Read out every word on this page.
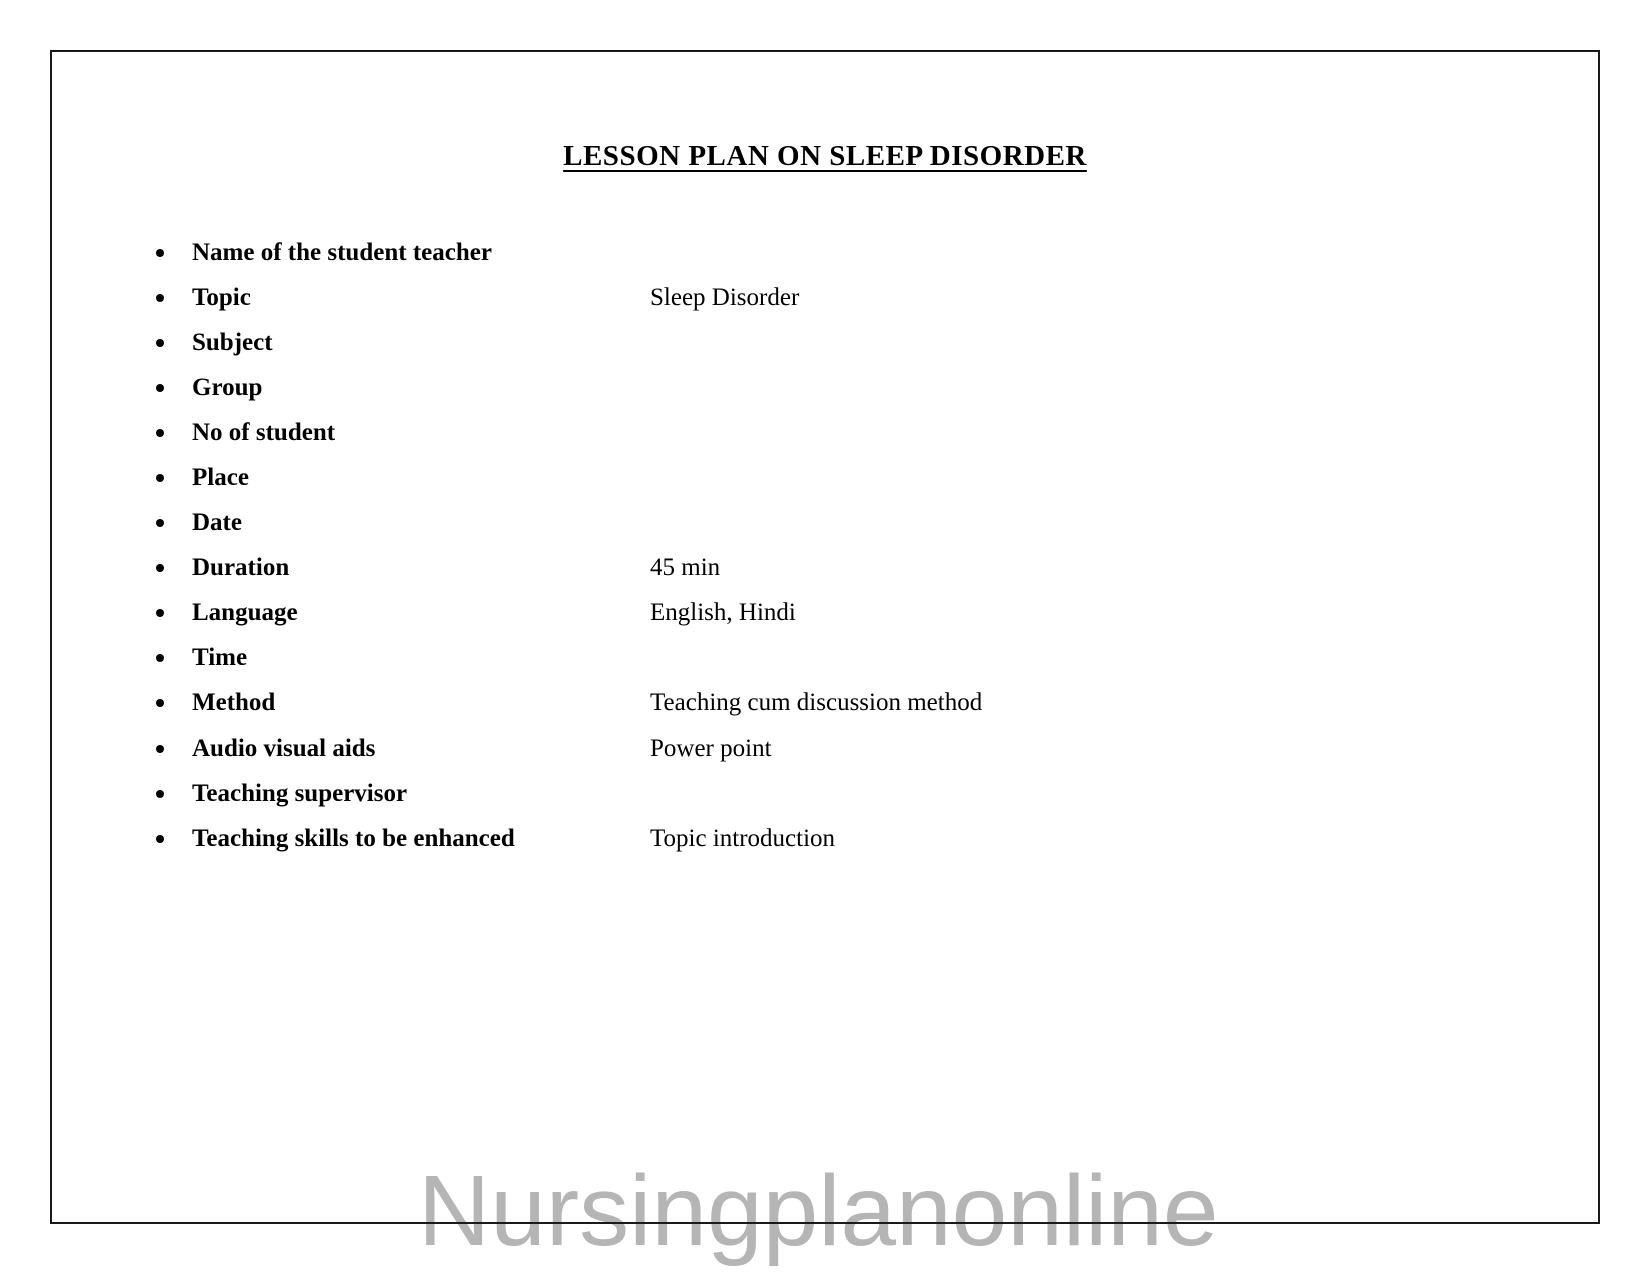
Nursingplanonline
LESSON PLAN ON SLEEP DISORDER
Name of the student teacher
Topic	Sleep Disorder
Subject
Group
No of student
Place
Date
Duration	45 min
Language	English, Hindi
Time
Method	Teaching cum discussion method
Audio visual aids	Power point
Teaching supervisor
Teaching skills to be enhanced	Topic introduction
